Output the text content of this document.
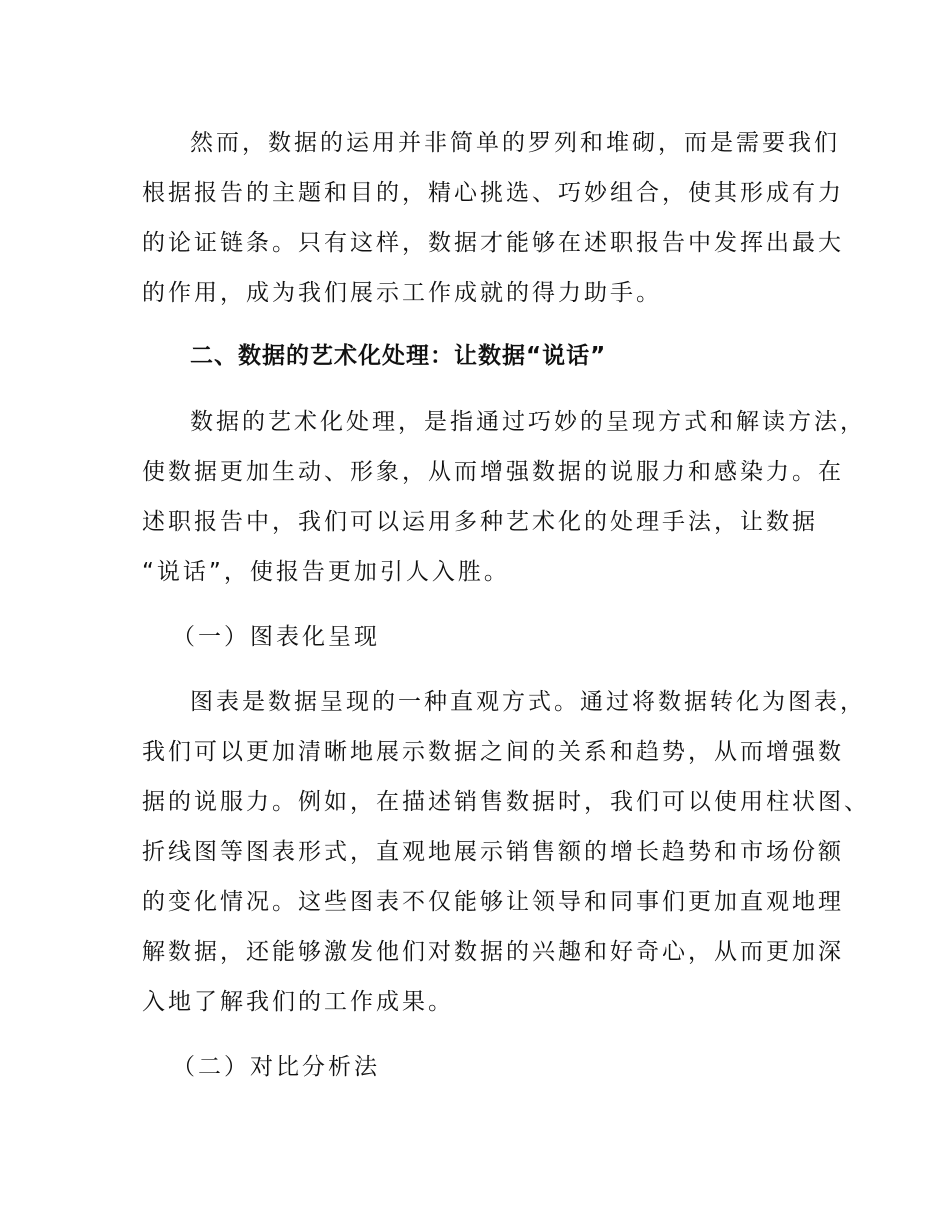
然而，数据的运用并非简单的罗列和堆砌，而是需要我们

根据报告的主题和目的，精心挑选、巧妙组合，使其形成有力

的论证链条。只有这样，数据才能够在述职报告中发挥出最大

的作用，成为我们展示工作成就的得力助手。

二、数据的艺术化处理：让数据“说话”

数据的艺术化处理，是指通过巧妙的呈现方式和解读方法，

使数据更加生动、形象，从而增强数据的说服力和感染力。在

述职报告中，我们可以运用多种艺术化的处理手法，让数据

“说话”，使报告更加引人入胜。

（一）图表化呈现

图表是数据呈现的一种直观方式。通过将数据转化为图表，

我们可以更加清晰地展示数据之间的关系和趋势，从而增强数

据的说服力。例如，在描述销售数据时，我们可以使用柱状图、

折线图等图表形式，直观地展示销售额的增长趋势和市场份额

的变化情况。这些图表不仅能够让领导和同事们更加直观地理

解数据，还能够激发他们对数据的兴趣和好奇心，从而更加深

入地了解我们的工作成果。

（二）对比分析法
